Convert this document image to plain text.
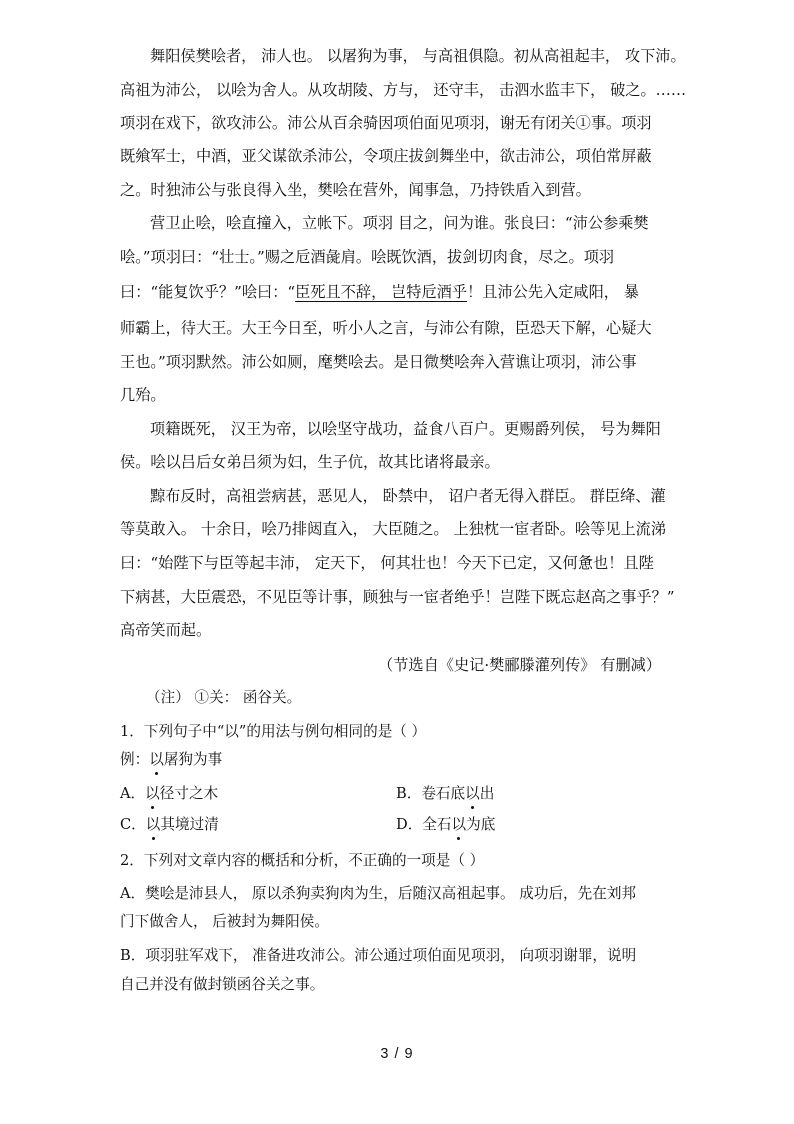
舞阳侯樊哙者， 沛人也。 以屠狗为事， 与高祖俱隐。初从高祖起丰， 攻下沛。
高祖为沛公， 以哙为舍人。从攻胡陵、方与， 还守丰， 击泗水监丰下， 破之。……
项羽在戏下，欲攻沛公。沛公从百余骑因项伯面见项羽，谢无有闭关①事。项羽
既飨军士，中酒，亚父谋欲杀沛公，令项庄拔剑舞坐中，欲击沛公，项伯常屏蔽
之。时独沛公与张良得入坐，樊哙在营外，闻事急，乃持铁盾入到营。
营卫止哙，哙直撞入，立帐下。项羽 目之，问为谁。张良曰：“沛公参乘樊
哙。”项羽曰：“壮士。”赐之卮酒彘肩。哙既饮酒，拔剑切肉食，尽之。项羽
曰：“能复饮乎？”哙曰：“臣死且不辞， 岂特卮酒乎！且沛公先入定咸阳， 暴
师霸上，待大王。大王今日至，听小人之言，与沛公有隙，臣恐天下解，心疑大
王也。”项羽默然。沛公如厕，麾樊哙去。是日微樊哙奔入营谯让项羽，沛公事
几殆。
项籍既死， 汉王为帝，以哙坚守战功，益食八百户。更赐爵列侯， 号为舞阳
侯。哙以吕后女弟吕须为妇，生子伉，故其比诸将最亲。
黥布反时，高祖尝病甚，恶见人， 卧禁中， 诏户者无得入群臣。 群臣绛、灌
等莫敢入。 十余日，哙乃排闼直入， 大臣随之。 上独枕一宦者卧。哙等见上流涕
曰：“始陛下与臣等起丰沛， 定天下， 何其壮也！今天下已定，又何惫也！且陛
下病甚，大臣震恐，不见臣等计事，顾独与一宦者绝乎！岂陛下既忘赵高之事乎？”
高帝笑而起。
（节选自《史记·樊郦滕灌列传》 有删减）
（注） ①关： 函谷关。
1．下列句子中“以”的用法与例句相同的是（ ）
例：以屠狗为事
A．以径寸之木	B．卷石底以出
C．以其境过清	D．全石以为底
2．下列对文章内容的概括和分析，不正确的一项是（ ）
A．樊哙是沛县人， 原以杀狗卖狗肉为生，后随汉高祖起事。 成功后，先在刘邦
门下做舍人， 后被封为舞阳侯。
B．项羽驻军戏下， 准备进攻沛公。沛公通过项伯面见项羽， 向项羽谢罪，说明
自己并没有做封锁函谷关之事。
3 / 9
